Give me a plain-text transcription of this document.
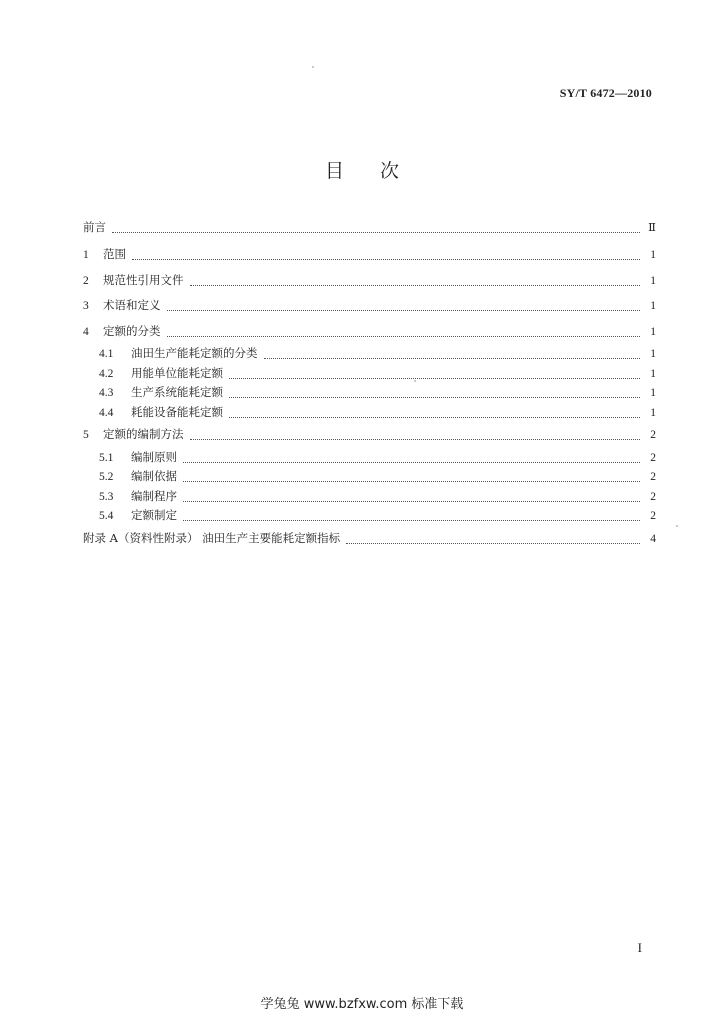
SY/T 6472—2010
目次
前言	Ⅱ
1	范围	1
2	规范性引用文件	1
3	术语和定义	1
4	定额的分类	1
4.1	油田生产能耗定额的分类	1
4.2	用能单位能耗定额	1
4.3	生产系统能耗定额	1
4.4	耗能设备能耗定额	1
5	定额的编制方法	2
5.1	编制原则	2
5.2	编制依据	2
5.3	编制程序	2
5.4	定额制定	2
附录 A（资料性附录） 油田生产主要能耗定额指标	4
I
学兔兔 www.bzfxw.com 标准下载
